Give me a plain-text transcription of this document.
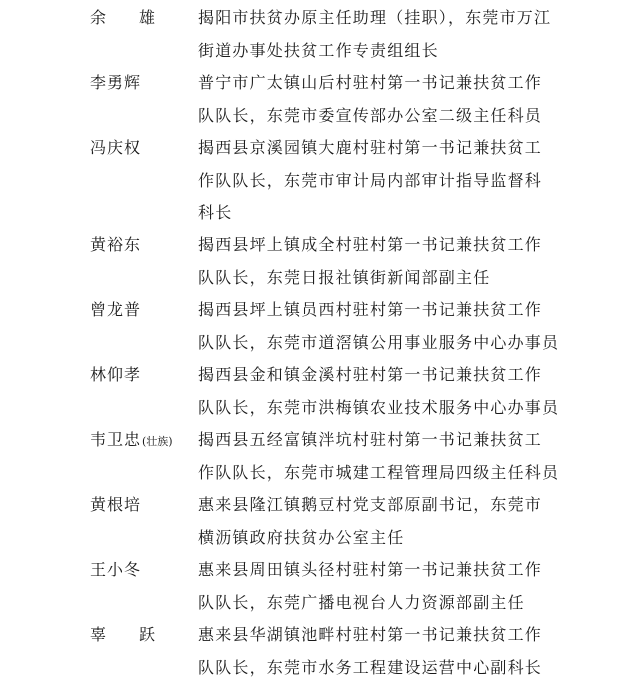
余 雄	揭阳市扶贫办原主任助理（挂职），东莞市万江
街道办事处扶贫工作专责组组长
李勇辉	普宁市广太镇山后村驻村第一书记兼扶贫工作
队队长，东莞市委宣传部办公室二级主任科员
冯庆权	揭西县京溪园镇大鹿村驻村第一书记兼扶贫工
作队队长，东莞市审计局内部审计指导监督科
科长
黄裕东	揭西县坪上镇成全村驻村第一书记兼扶贫工作
队队长，东莞日报社镇街新闻部副主任
曾龙普	揭西县坪上镇员西村驻村第一书记兼扶贫工作
队队长，东莞市道滘镇公用事业服务中心办事员
林仰孝	揭西县金和镇金溪村驻村第一书记兼扶贫工作
队队长，东莞市洪梅镇农业技术服务中心办事员
韦卫忠(壮族)	揭西县五经富镇泮坑村驻村第一书记兼扶贫工
作队队长，东莞市城建工程管理局四级主任科员
黄根培	惠来县隆江镇鹅豆村党支部原副书记，东莞市
横沥镇政府扶贫办公室主任
王小冬	惠来县周田镇头径村驻村第一书记兼扶贫工作
队队长，东莞广播电视台人力资源部副主任
辜 跃	惠来县华湖镇池畔村驻村第一书记兼扶贫工作
队队长，东莞市水务工程建设运营中心副科长
